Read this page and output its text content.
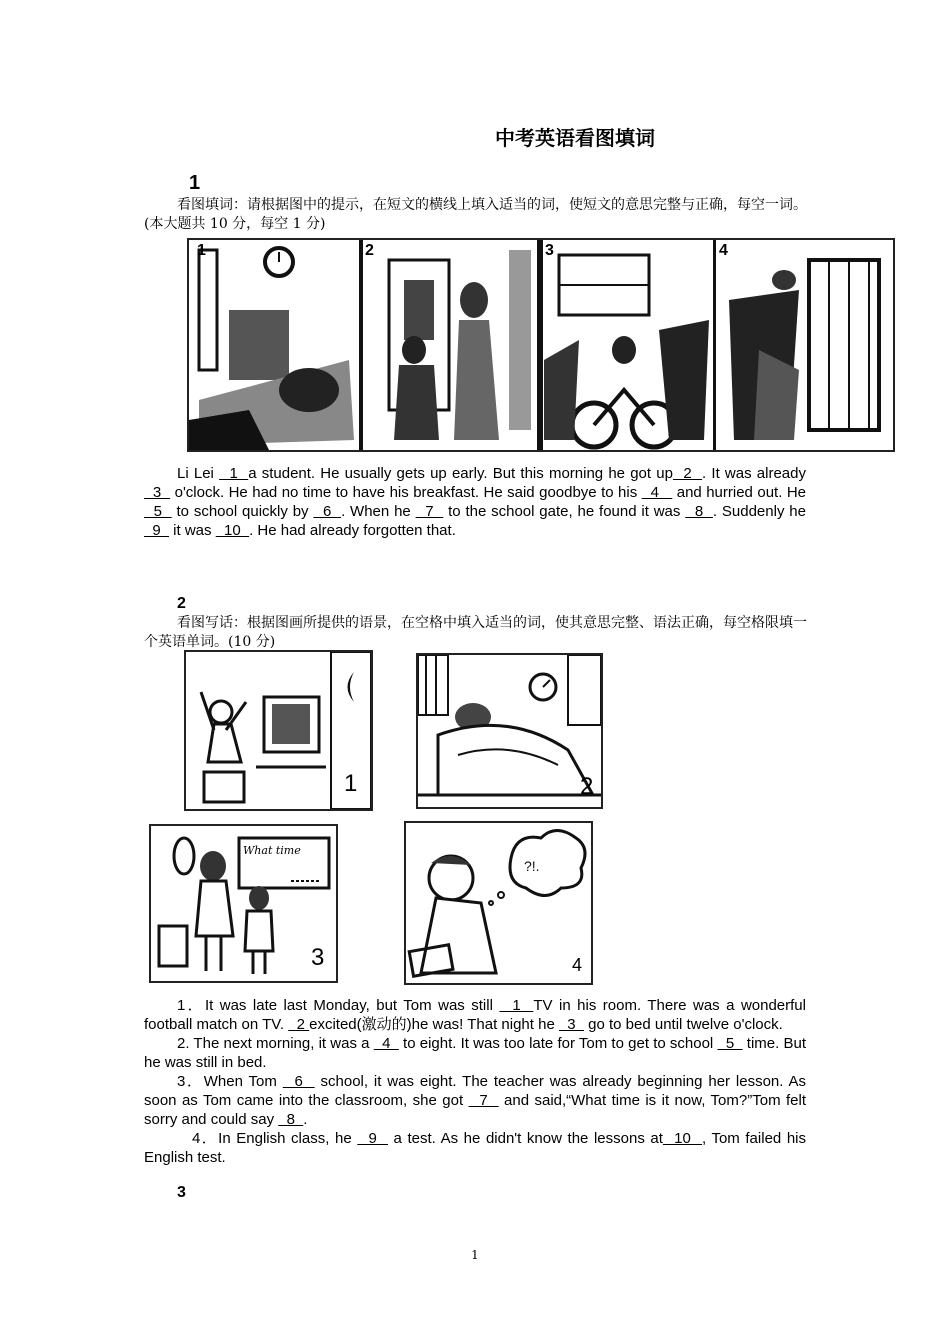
中考英语看图填词
1
看图填词：请根据图中的提示，在短文的横线上填入适当的词，使短文的意思完整与正确，每空一词。(本大题共 10 分，每空 1 分)
2	3	4
1

Li Lei   1  a student. He usually gets up early. But this morning he got up  2  . It was already   3   o'clock. He had no time to have his breakfast. He said goodbye to his   4    and hurried out. He   5   to school quickly by   6  . When he   7   to the school gate, he found it was   8  . Suddenly he   9   it was   10  . He had already forgotten that.

2
看图写话：根据图画所提供的语景，在空格中填入适当的词，使其意思完整、语法正确，每空格限填一个英语单词。(10 分)
1	2
What time
3
?!.
4

1．It was late last Monday, but Tom was still   1  TV in his room. There was a wonderful football match on TV.   2 excited(激动的)he was! That night he   3   go to bed until twelve o'clock.

2. The next morning, it was a   4   to eight. It was too late for Tom to get to school   5   time. But he was still in bed.

3．When Tom   6   school, it was eight. The teacher was already beginning her lesson. As soon as Tom came into the classroom, she got   7   and said,“What time is it now, Tom?”Tom felt sorry and could say   8  .

4．In English class, he   9   a test. As he didn't know the lessons at  10  , Tom failed his English test.

3
1
